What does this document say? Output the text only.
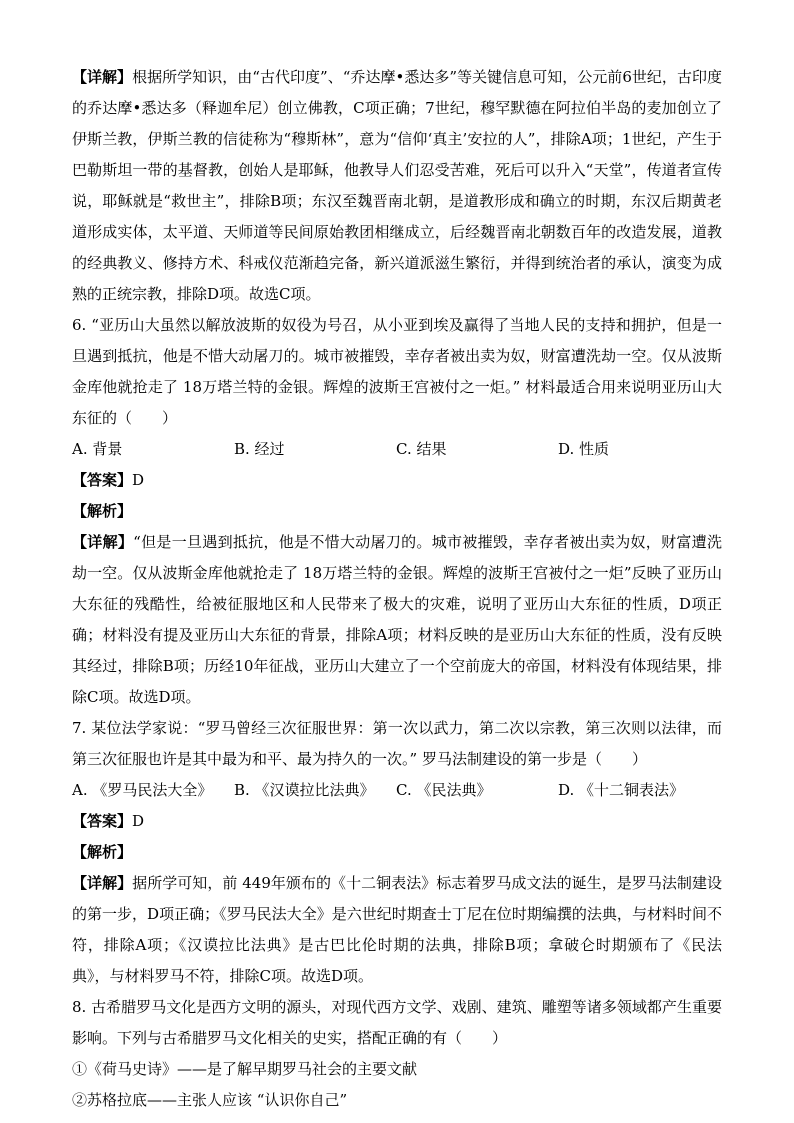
【详解】根据所学知识，由“古代印度”、“乔达摩•悉达多”等关键信息可知，公元前6世纪，古印度的乔达摩•悉达多（释迦牟尼）创立佛教，C项正确；7世纪，穆罕默德在阿拉伯半岛的麦加创立了伊斯兰教，伊斯兰教的信徒称为“穆斯林”，意为“信仰‘真主’安拉的人”，排除A项；1世纪，产生于巴勒斯坦一带的基督教，创始人是耶稣，他教导人们忍受苦难，死后可以升入“天堂”，传道者宣传说，耶稣就是“救世主”，排除B项；东汉至魏晋南北朝，是道教形成和确立的时期，东汉后期黄老道形成实体，太平道、天师道等民间原始教团相继成立，后经魏晋南北朝数百年的改造发展，道教的经典教义、修持方术、科戒仪范渐趋完备，新兴道派滋生繁衍，并得到统治者的承认，演变为成熟的正统宗教，排除D项。故选C项。

6. “亚历山大虽然以解放波斯的奴役为号召，从小亚到埃及赢得了当地人民的支持和拥护，但是一旦遇到抵抗，他是不惜大动屠刀的。城市被摧毁，幸存者被出卖为奴，财富遭洗劫一空。仅从波斯金库他就抢走了 18万塔兰特的金银。辉煌的波斯王宫被付之一炬。” 材料最适合用来说明亚历山大东征的（　　）

A. 背景	B. 经过	C. 结果	D. 性质

【答案】D

【解析】

【详解】“但是一旦遇到抵抗，他是不惜大动屠刀的。城市被摧毁，幸存者被出卖为奴，财富遭洗劫一空。仅从波斯金库他就抢走了 18万塔兰特的金银。辉煌的波斯王宫被付之一炬”反映了亚历山大东征的残酷性，给被征服地区和人民带来了极大的灾难，说明了亚历山大东征的性质，D项正确；材料没有提及亚历山大东征的背景，排除A项；材料反映的是亚历山大东征的性质，没有反映其经过，排除B项；历经10年征战，亚历山大建立了一个空前庞大的帝国，材料没有体现结果，排除C项。故选D项。

7. 某位法学家说：“罗马曾经三次征服世界：第一次以武力，第二次以宗教，第三次则以法律，而第三次征服也许是其中最为和平、最为持久的一次。” 罗马法制建设的第一步是（　　）

A. 《罗马民法大全》	B. 《汉谟拉比法典》	C. 《民法典》	D. 《十二铜表法》

【答案】D

【解析】

【详解】据所学可知，前 449年颁布的《十二铜表法》标志着罗马成文法的诞生，是罗马法制建设的第一步，D项正确；《罗马民法大全》是六世纪时期查士丁尼在位时期编撰的法典，与材料时间不符，排除A项；《汉谟拉比法典》是古巴比伦时期的法典，排除B项；拿破仑时期颁布了《民法典》，与材料罗马不符，排除C项。故选D项。

8. 古希腊罗马文化是西方文明的源头，对现代西方文学、戏剧、建筑、雕塑等诸多领域都产生重要影响。下列与古希腊罗马文化相关的史实，搭配正确的有（　　）

①《荷马史诗》——是了解早期罗马社会的主要文献

②苏格拉底——主张人应该 “认识你自己”
